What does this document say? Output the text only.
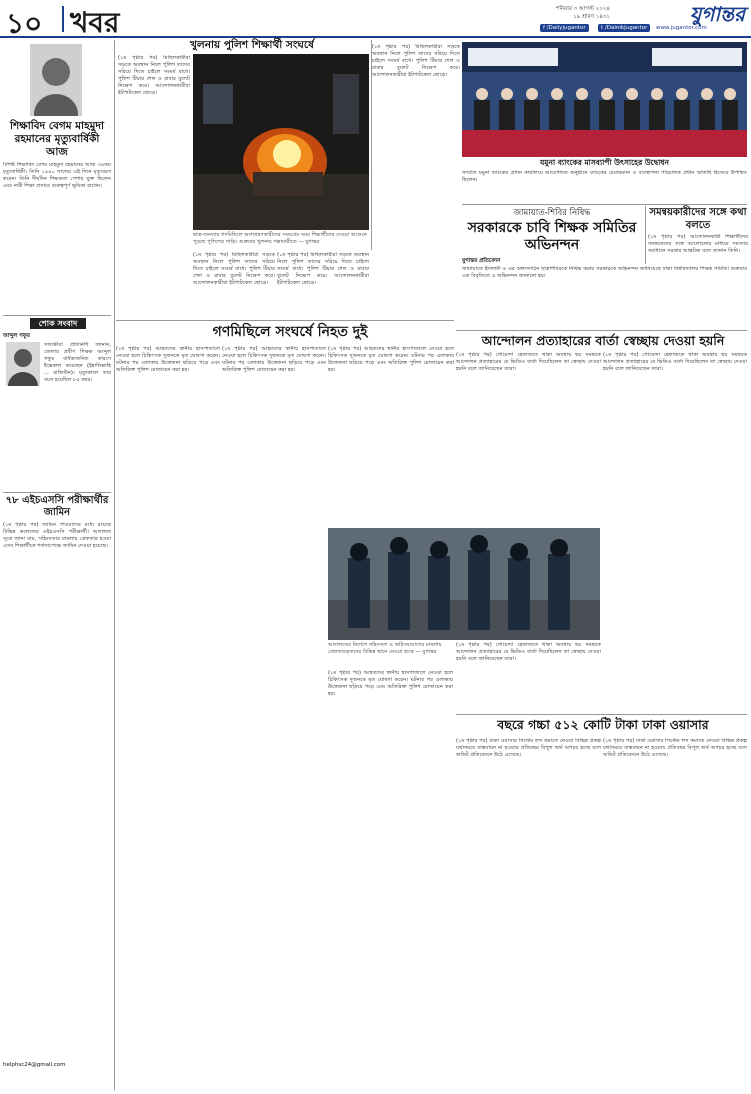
১০ খবর	শনিবার ৩ আগস্ট ২০২৪
১৯ শ্রাবণ ১৪৩১	যুগান্তর
f /Dailyjugantor	t /DainikJugantor	www.jugantor.com
শিক্ষাবিদ বেগম মাহমুদা রহমানের মৃত্যুবার্ষিকী আজ
বিশিষ্ট শিক্ষাবিদ বেগম মাহমুদা রহমানের আজ ৩৪তম মৃত্যুবার্ষিকী। তিনি ১৯৯০ সালের এই দিনে মৃত্যুবরণ করেন। তিনি দীর্ঘদিন শিক্ষকতা পেশায় যুক্ত ছিলেন এবং নারী শিক্ষা প্রসারে গুরুত্বপূর্ণ ভূমিকা রাখেন।
শোক সংবাদ
আব্দুল গফুর
সাতক্ষীরা প্রতিনিধি জানান, জেলার প্রবীণ শিক্ষক আব্দুল গফুর বার্ধক্যজনিত কারণে ইন্তেকাল করেছেন (ইন্নালিল্লাহি ... রাজিউন)। মৃত্যুকালে তার বয়স হয়েছিল ৮৫ বছর।
৭৮ এইচএসসি পরীক্ষার্থীর জামিন
(১ম পৃষ্ঠার পর) জামিন পাওয়াদের মধ্যে রয়েছে বিভিন্ন কলেজের এইচএসসি পরীক্ষার্থী। আদালত সূত্রে জানা যায়, সহিংসতার মামলায় গ্রেফতার হওয়া এসব শিক্ষার্থীকে শর্তসাপেক্ষে জামিন দেওয়া হয়েছে।
helphsc24@gmail.com
খুলনায় পুলিশ শিক্ষার্থী সংঘর্ষে
(১ম পৃষ্ঠার পর) মিছিলকারীরা সড়কে অবস্থান নিলে পুলিশ তাদের সরিয়ে দিতে চাইলে সংঘর্ষ বাধে। পুলিশ টিয়ার শেল ও রাবার বুলেট নিক্ষেপ করে। আন্দোলনকারীরা ইটপাটকেল ছোড়ে।
ছাত্র-জনতার গণমিছিলে অংশগ্রহণকারীদের সংঘর্ষের সময় শিক্ষার্থীদের দেওয়া আগুনে পুড়ছে পুলিশের গাড়ি। শুক্রবার খুলনায় গল্লামারীতে — যুগান্তর
(১ম পৃষ্ঠার পর) মিছিলকারীরা সড়কে অবস্থান নিলে পুলিশ তাদের সরিয়ে দিতে চাইলে সংঘর্ষ বাধে। পুলিশ টিয়ার শেল ও রাবার বুলেট নিক্ষেপ করে। আন্দোলনকারীরা ইটপাটকেল ছোড়ে।
(১ম পৃষ্ঠার পর) মিছিলকারীরা সড়কে অবস্থান নিলে পুলিশ তাদের সরিয়ে দিতে চাইলে সংঘর্ষ বাধে। পুলিশ টিয়ার শেল ও রাবার বুলেট নিক্ষেপ করে। আন্দোলনকারীরা ইটপাটকেল ছোড়ে।
(১ম পৃষ্ঠার পর) মিছিলকারীরা সড়কে অবস্থান নিলে পুলিশ তাদের সরিয়ে দিতে চাইলে সংঘর্ষ বাধে। পুলিশ টিয়ার শেল ও রাবার বুলেট নিক্ষেপ করে। আন্দোলনকারীরা ইটপাটকেল ছোড়ে।
গণমিছিলে সংঘর্ষে নিহত দুই
(১ম পৃষ্ঠার পর) আহতদের স্থানীয় হাসপাতালে নেওয়া হলে চিকিৎসক দুজনকে মৃত ঘোষণা করেন। ঘটনার পর এলাকায় উত্তেজনা ছড়িয়ে পড়ে এবং অতিরিক্ত পুলিশ মোতায়েন করা হয়।
(১ম পৃষ্ঠার পর) আহতদের স্থানীয় হাসপাতালে নেওয়া হলে চিকিৎসক দুজনকে মৃত ঘোষণা করেন। ঘটনার পর এলাকায় উত্তেজনা ছড়িয়ে পড়ে এবং অতিরিক্ত পুলিশ মোতায়েন করা হয়।
(১ম পৃষ্ঠার পর) আহতদের স্থানীয় হাসপাতালে নেওয়া হলে চিকিৎসক দুজনকে মৃত ঘোষণা করেন। ঘটনার পর এলাকায় উত্তেজনা ছড়িয়ে পড়ে এবং অতিরিক্ত পুলিশ মোতায়েন করা হয়।
যমুনা ব্যাংকের মাসব্যাপী উৎসাহের উদ্বোধন
সম্প্রতি যমুনা ব্যাংকের প্রধান কার্যালয়ে আয়োজিত অনুষ্ঠানে ব্যাংকের চেয়ারম্যান ও ব্যবস্থাপনা পরিচালক প্রধান অতিথি হিসেবে উপস্থিত ছিলেন।
জামায়াত-শিবির নিষিদ্ধ
সরকারকে চাবি শিক্ষক সমিতির অভিনন্দন
যুগান্তর প্রতিবেদন
জামায়াতে ইসলামী ও এর অঙ্গসংগঠন ছাত্রশিবিরকে নিষিদ্ধ করায় সরকারকে অভিনন্দন জানিয়েছে ঢাকা বিশ্ববিদ্যালয় শিক্ষক সমিতি। শুক্রবার এক বিবৃতিতে এ অভিনন্দন জানানো হয়।
সমন্বয়কারীদের সঙ্গে কথা বলতে
(১ম পৃষ্ঠার পর) আন্দোলনকারী শিক্ষার্থীদের সমন্বয়কদের সঙ্গে আলোচনার মাধ্যমে সমস্যার সমাধানে সরকার আন্তরিক বলে জানান তিনি।
আন্দোলন প্রত্যাহারের বার্তা স্বেচ্ছায় দেওয়া হয়নি
(১ম পৃষ্ঠার পর) গোয়েন্দা হেফাজতে থাকা অবস্থায় ছয় সমন্বয়ক আন্দোলন প্রত্যাহারের যে ভিডিও বার্তা দিয়েছিলেন তা স্বেচ্ছায় দেওয়া হয়নি বলে জানিয়েছেন তারা।
(১ম পৃষ্ঠার পর) গোয়েন্দা হেফাজতে থাকা অবস্থায় ছয় সমন্বয়ক আন্দোলন প্রত্যাহারের যে ভিডিও বার্তা দিয়েছিলেন তা স্বেচ্ছায় দেওয়া হয়নি বলে জানিয়েছেন তারা।
আদালতের নির্দেশে সহিংসতা ও অগ্নিসংযোগের মামলায় গ্রেফতারকৃতদের বিভিন্ন স্থানে নেওয়া হচ্ছে — যুগান্তর
(১ম পৃষ্ঠার পর) আহতদের স্থানীয় হাসপাতালে নেওয়া হলে চিকিৎসক দুজনকে মৃত ঘোষণা করেন। ঘটনার পর এলাকায় উত্তেজনা ছড়িয়ে পড়ে এবং অতিরিক্ত পুলিশ মোতায়েন করা হয়।
(১ম পৃষ্ঠার পর) গোয়েন্দা হেফাজতে থাকা অবস্থায় ছয় সমন্বয়ক আন্দোলন প্রত্যাহারের যে ভিডিও বার্তা দিয়েছিলেন তা স্বেচ্ছায় দেওয়া হয়নি বলে জানিয়েছেন তারা।
বছরে গচ্চা ৫১২ কোটি টাকা ঢাকা ওয়াসার
(১ম পৃষ্ঠার পর) ঢাকা ওয়াসার সিস্টেম লস কমাতে নেওয়া বিভিন্ন প্রকল্প যথাসময়ে বাস্তবায়ন না হওয়ায় প্রতিবছর বিপুল অর্থ অপচয় হচ্ছে বলে অডিট প্রতিবেদনে উঠে এসেছে।
(১ম পৃষ্ঠার পর) ঢাকা ওয়াসার সিস্টেম লস কমাতে নেওয়া বিভিন্ন প্রকল্প যথাসময়ে বাস্তবায়ন না হওয়ায় প্রতিবছর বিপুল অর্থ অপচয় হচ্ছে বলে অডিট প্রতিবেদনে উঠে এসেছে।
